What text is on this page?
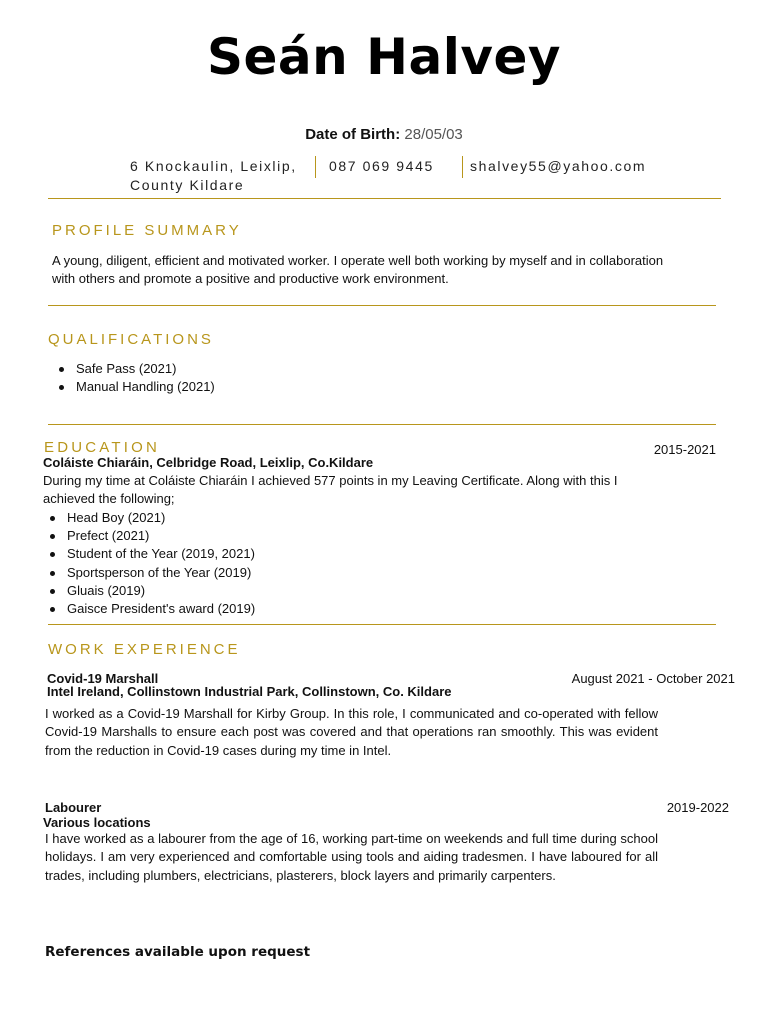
Seán Halvey
Date of Birth: 28/05/03
6 Knockaulin, Leixlip,
County Kildare
087 069 9445	shalvey55@yahoo.com
PROFILE SUMMARY

A young, diligent, efficient and motivated worker. I operate well both working by myself and in collaboration with others and promote a positive and productive work environment.

QUALIFICATIONS
Safe Pass (2021)
Manual Handling (2021)
EDUCATION	2015-2021
Coláiste Chiaráin, Celbridge Road, Leixlip, Co.Kildare

During my time at Coláiste Chiaráin I achieved 577 points in my Leaving Certificate. Along with this I achieved the following;

Head Boy (2021)
Prefect (2021)
Student of the Year (2019, 2021)
Sportsperson of the Year (2019)
Gluais (2019)
Gaisce President's award (2019)
WORK EXPERIENCE
Covid-19 Marshall	August 2021 - October 2021
Intel Ireland, Collinstown Industrial Park, Collinstown, Co. Kildare

I worked as a Covid-19 Marshall for Kirby Group. In this role, I communicated and co-operated with fellow Covid-19 Marshalls to ensure each post was covered and that operations ran smoothly. This was evident from the reduction in Covid-19 cases during my time in Intel.

Labourer	2019-2022
Various locations

I have worked as a labourer from the age of 16, working part-time on weekends and full time during school holidays. I am very experienced and comfortable using tools and aiding tradesmen. I have laboured for all trades, including plumbers, electricians, plasterers, block layers and primarily carpenters.

References available upon request
